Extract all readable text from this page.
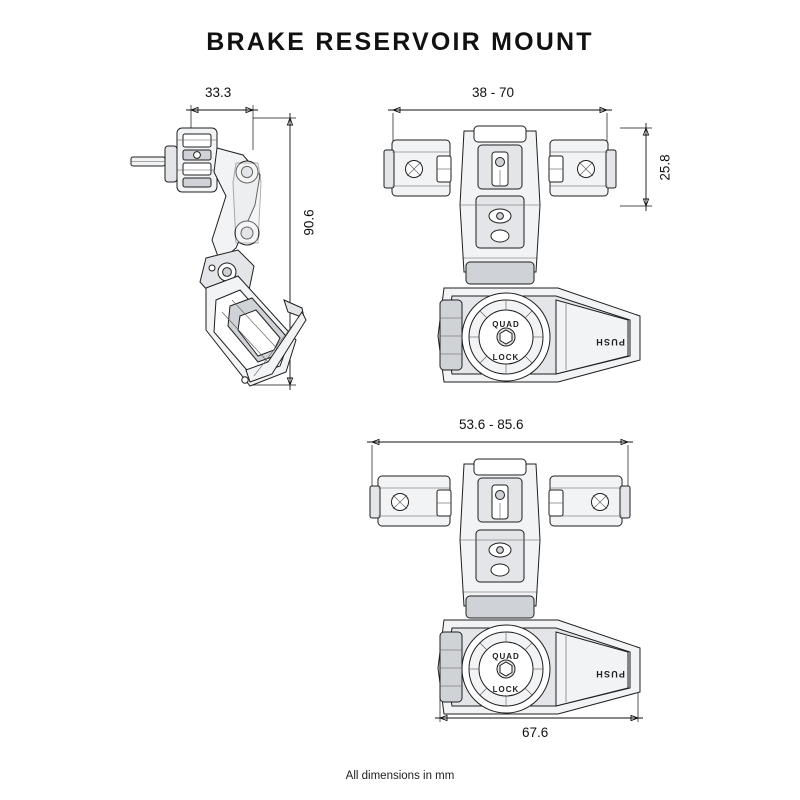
BRAKE RESERVOIR MOUNT
QUAD
LOCK
PUSH
QUAD
LOCK
PUSH
33.3
90.6
38 - 70
25.8
53.6 - 85.6
67.6
All dimensions in mm
